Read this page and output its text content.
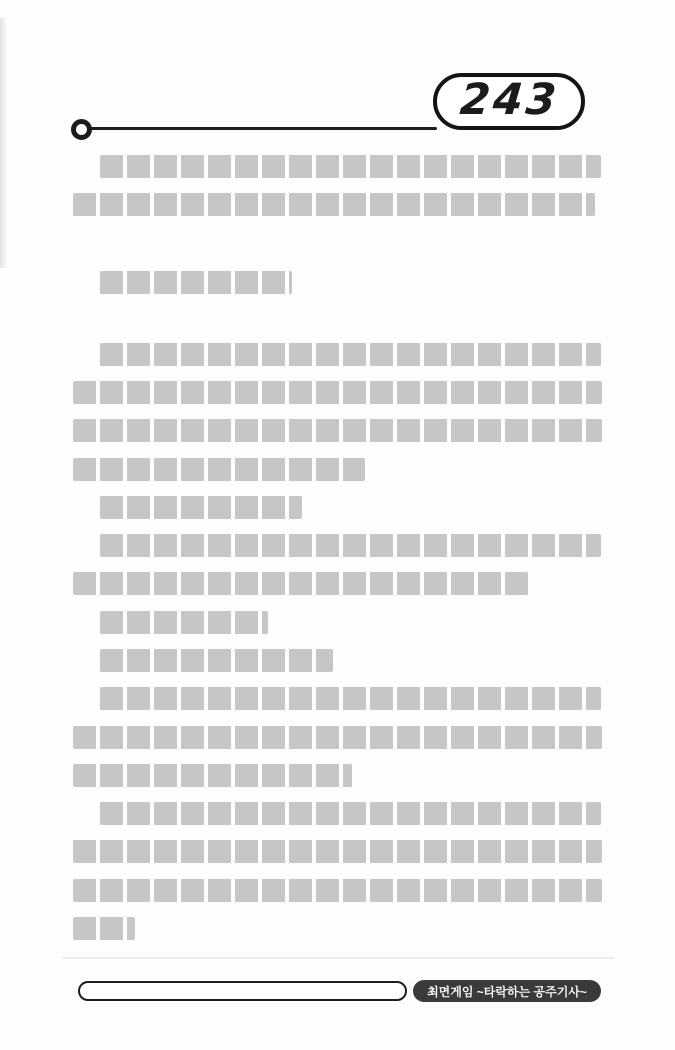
243
최면게임 ~타락하는 공주기사~
